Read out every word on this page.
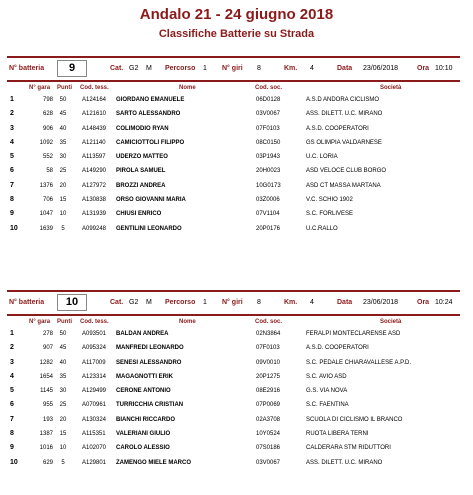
Andalo 21 - 24 giugno 2018
Classifiche Batterie su Strada
N° batteria	9	Cat. G2 M Percorso 1 N° giri 8	Km. 4	Data 23/06/2018	Ora 10:10
N° gara Punti Cod. tess.	Nome	Cod. soc.	Società
1	798	50	A124164 GIORDANO EMANUELE	06D0128	A.S.D ANDORA CICLISMO
2	628	45	A121610 SARTO ALESSANDRO	03V0067	ASS. DILETT. U.C. MIRANO
3	906	40	A148439 COLIMODIO RYAN	07F0103	A.S.D. COOPERATORI
4	1092	35	A121140 CAMICIOTTOLI FILIPPO	08C0150	GS OLIMPIA VALDARNESE
5	552	30	A113597 UDERZO MATTEO	03P1943	U.C. LORIA
6	58	25	A149290 PIROLA SAMUEL	20H0023	ASD VELOCE CLUB BORGO
7	1376	20	A127972 BROZZI ANDREA	10G0173	ASD CT MASSA MARTANA
8	706	15	A130838 ORSO GIOVANNI MARIA	03Z0006	V.C. SCHIO 1902
9	1047	10	A131939 CHIUSI ENRICO	07V1104	S.C. FORLIVESE
10	1639	5	A099248 GENTILINI LEONARDO	20P0176	U.C.RALLO
N° batteria	10	Cat. G2 M Percorso 1 N° giri 8	Km. 4	Data 23/06/2018	Ora 10:24
N° gara Punti Cod. tess.	Nome	Cod. soc.	Società
1	278	50	A093501 BALDAN ANDREA	02N3864	FERALPI MONTECLARENSE ASD
2	907	45	A095324 MANFREDI LEONARDO	07F0103	A.S.D. COOPERATORI
3	1282	40	A117009 SENESI ALESSANDRO	09V0010	S.C. PEDALE CHIARAVALLESE A.P.D.
4	1654	35	A123314 MAGAGNOTTI ERIK	20P1275	S.C. AVIO ASD
5	1145	30	A129499 CERONE ANTONIO	08E2916	G.S. VIA NOVA
6	955	25	A070961 TURRICCHIA CRISTIAN	07P0069	S.C. FAENTINA
7	193	20	A130324 BIANCHI RICCARDO	02A3708	SCUOLA DI CICLISMO IL BRANCO
8	1387	15	A115351 VALERIANI GIULIO	10Y0524	RUOTA LIBERA TERNI
9	1016	10	A102070 CAROLO ALESSIO	07S0186	CALDERARA STM RIDUTTORI
10	629	5	A129801 ZAMENGO MIELE MARCO	03V0067	ASS. DILETT. U.C. MIRANO
